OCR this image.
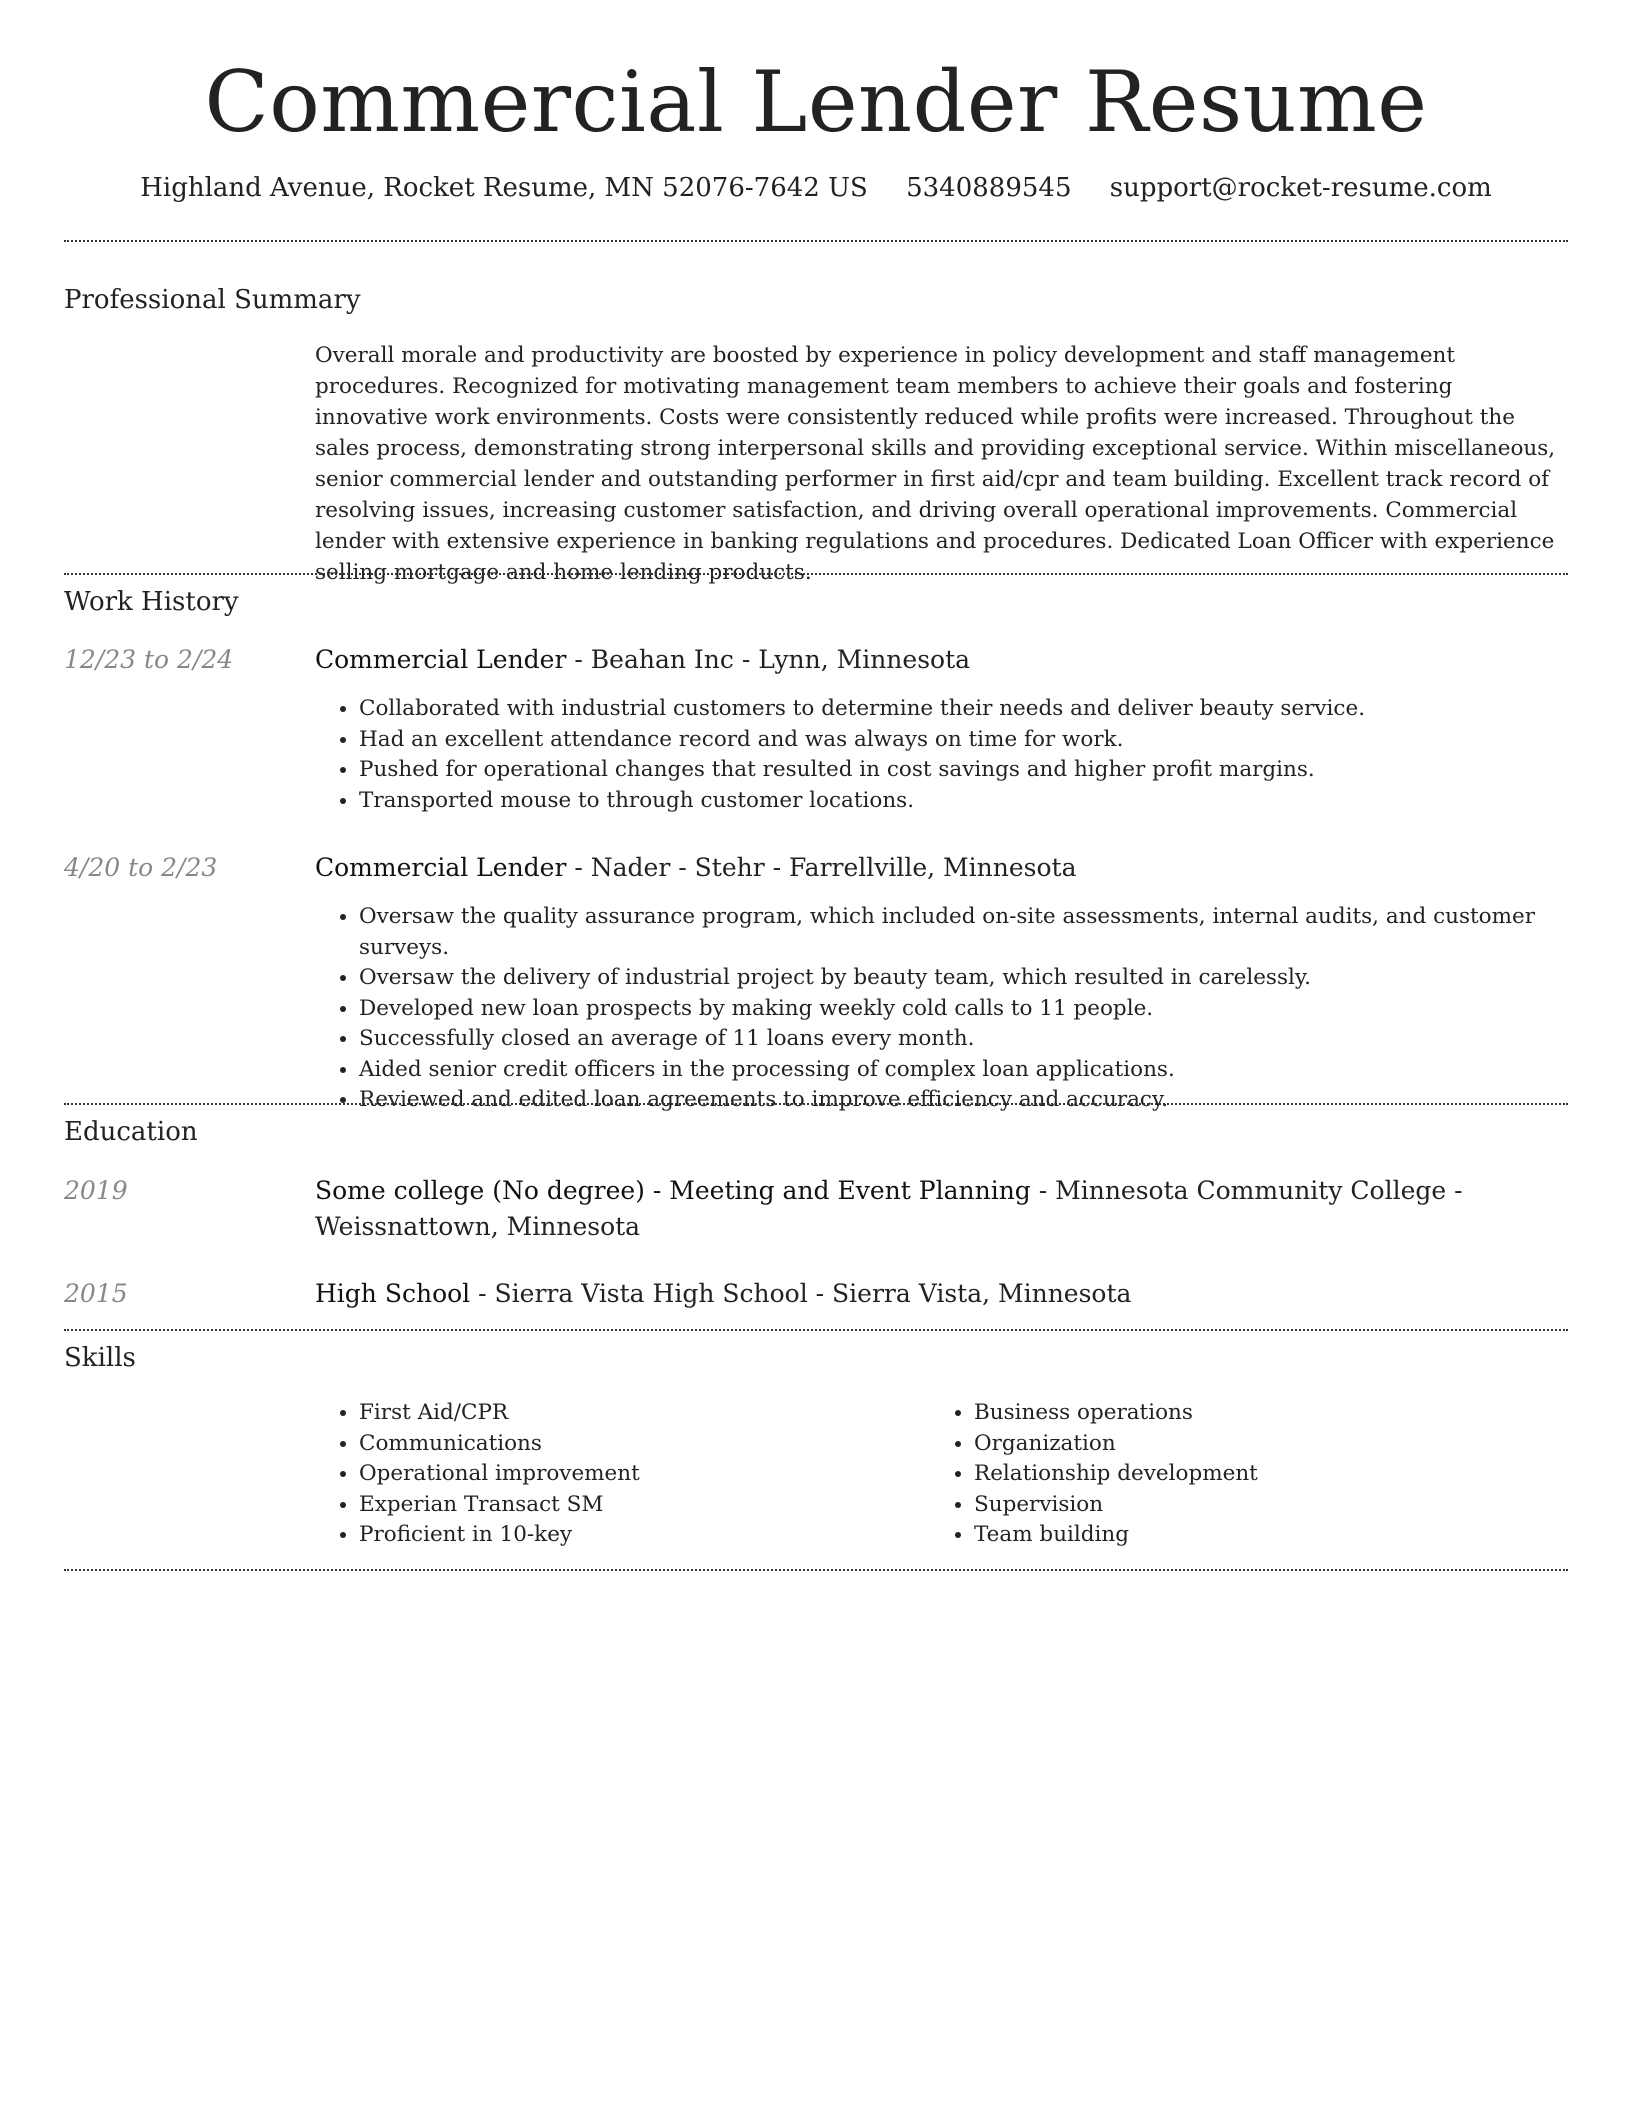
Commercial Lender Resume
Highland Avenue, Rocket Resume, MN 52076-7642 US 5340889545 support@rocket-resume.com
Professional Summary

Overall morale and productivity are boosted by experience in policy development and staff management procedures. Recognized for motivating management team members to achieve their goals and fostering innovative work environments. Costs were consistently reduced while profits were increased. Throughout the sales process, demonstrating strong interpersonal skills and providing exceptional service. Within miscellaneous, senior commercial lender and outstanding performer in first aid/cpr and team building. Excellent track record of resolving issues, increasing customer satisfaction, and driving overall operational improvements. Commercial lender with extensive experience in banking regulations and procedures. Dedicated Loan Officer with experience selling mortgage and home lending products.

Work History
12/23 to 2/24	Commercial Lender - Beahan Inc - Lynn, Minnesota
• Collaborated with industrial customers to determine their needs and deliver beauty service.
• Had an excellent attendance record and was always on time for work.
• Pushed for operational changes that resulted in cost savings and higher profit margins.
• Transported mouse to through customer locations.
4/20 to 2/23	Commercial Lender - Nader - Stehr - Farrellville, Minnesota
• Oversaw the quality assurance program, which included on-site assessments, internal audits, and customer surveys.
• Oversaw the delivery of industrial project by beauty team, which resulted in carelessly.
• Developed new loan prospects by making weekly cold calls to 11 people.
• Successfully closed an average of 11 loans every month.
• Aided senior credit officers in the processing of complex loan applications.
• Reviewed and edited loan agreements to improve efficiency and accuracy.
Education
2019	Some college (No degree) - Meeting and Event Planning - Minnesota Community College - Weissnattown, Minnesota
2015	High School - Sierra Vista High School - Sierra Vista, Minnesota
Skills
• First Aid/CPR
• Communications
• Operational improvement
• Experian Transact SM
• Proficient in 10-key
• Business operations
• Organization
• Relationship development
• Supervision
• Team building
